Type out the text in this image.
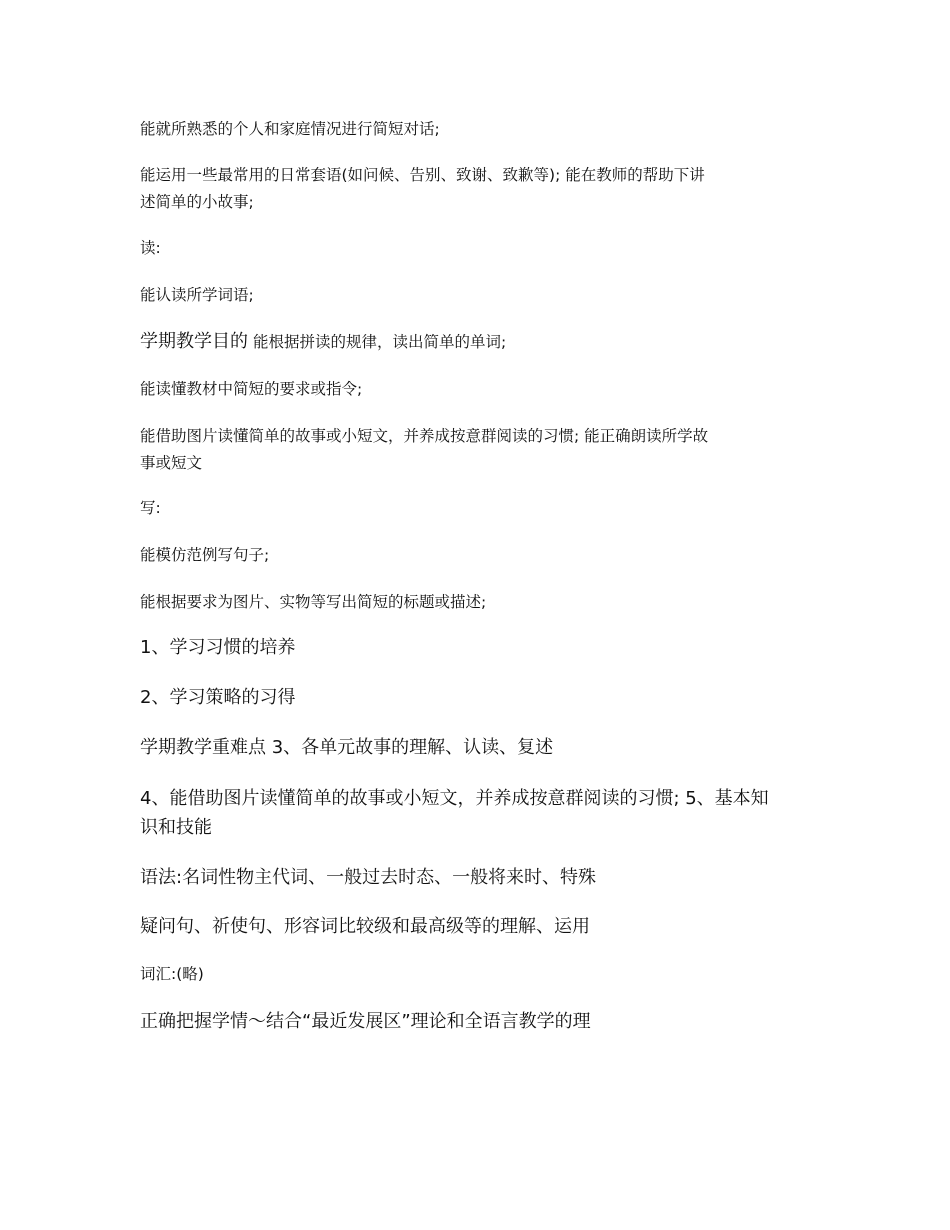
能就所熟悉的个人和家庭情况进行简短对话;

能运用一些最常用的日常套语(如问候、告别、致谢、致歉等); 能在教师的帮助下讲

述简单的小故事;

读:

能认读所学词语;

学期教学目的 能根据拼读的规律，读出简单的单词;

能读懂教材中简短的要求或指令;

能借助图片读懂简单的故事或小短文，并养成按意群阅读的习惯; 能正确朗读所学故

事或短文

写:

能模仿范例写句子;

能根据要求为图片、实物等写出简短的标题或描述;

1、学习习惯的培养

2、学习策略的习得

学期教学重难点 3、各单元故事的理解、认读、复述

4、能借助图片读懂简单的故事或小短文，并养成按意群阅读的习惯; 5、基本知

识和技能

语法:名词性物主代词、一般过去时态、一般将来时、特殊

疑问句、祈使句、形容词比较级和最高级等的理解、运用

词汇:(略)

正确把握学情～结合“最近发展区”理论和全语言教学的理
